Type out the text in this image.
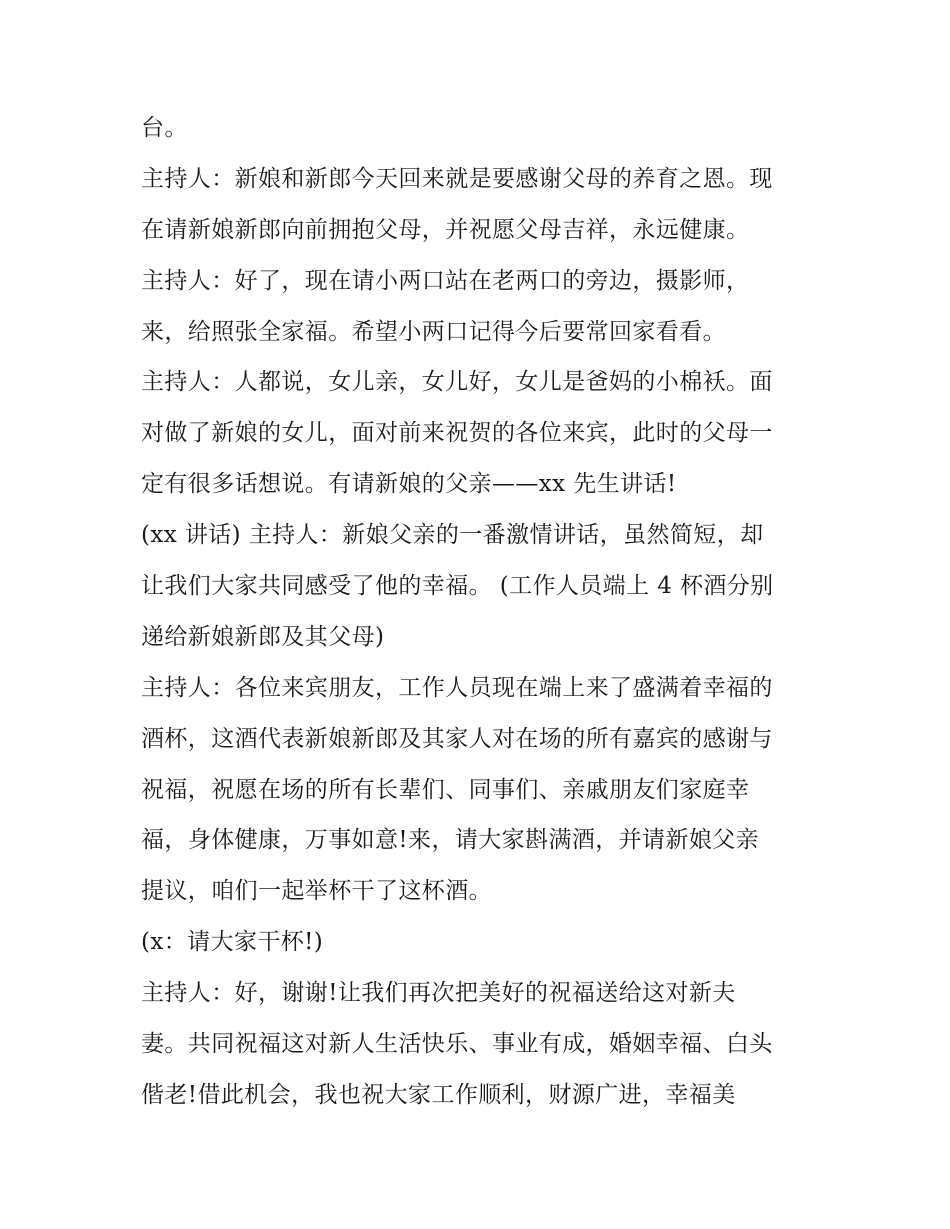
台。
主持人：新娘和新郎今天回来就是要感谢父母的养育之恩。现
在请新娘新郎向前拥抱父母，并祝愿父母吉祥，永远健康。
主持人：好了，现在请小两口站在老两口的旁边，摄影师，
来，给照张全家福。希望小两口记得今后要常回家看看。
主持人：人都说，女儿亲，女儿好，女儿是爸妈的小棉袄。面
对做了新娘的女儿，面对前来祝贺的各位来宾，此时的父母一
定有很多话想说。有请新娘的父亲——xx 先生讲话!
(xx 讲话) 主持人：新娘父亲的一番激情讲话，虽然简短，却
让我们大家共同感受了他的幸福。 (工作人员端上 4 杯酒分别
递给新娘新郎及其父母)
主持人：各位来宾朋友，工作人员现在端上来了盛满着幸福的
酒杯，这酒代表新娘新郎及其家人对在场的所有嘉宾的感谢与
祝福，祝愿在场的所有长辈们、同事们、亲戚朋友们家庭幸
福，身体健康，万事如意!来，请大家斟满酒，并请新娘父亲
提议，咱们一起举杯干了这杯酒。
(x：请大家干杯!)
主持人：好，谢谢!让我们再次把美好的祝福送给这对新夫
妻。共同祝福这对新人生活快乐、事业有成，婚姻幸福、白头
偕老!借此机会，我也祝大家工作顺利，财源广进，幸福美
